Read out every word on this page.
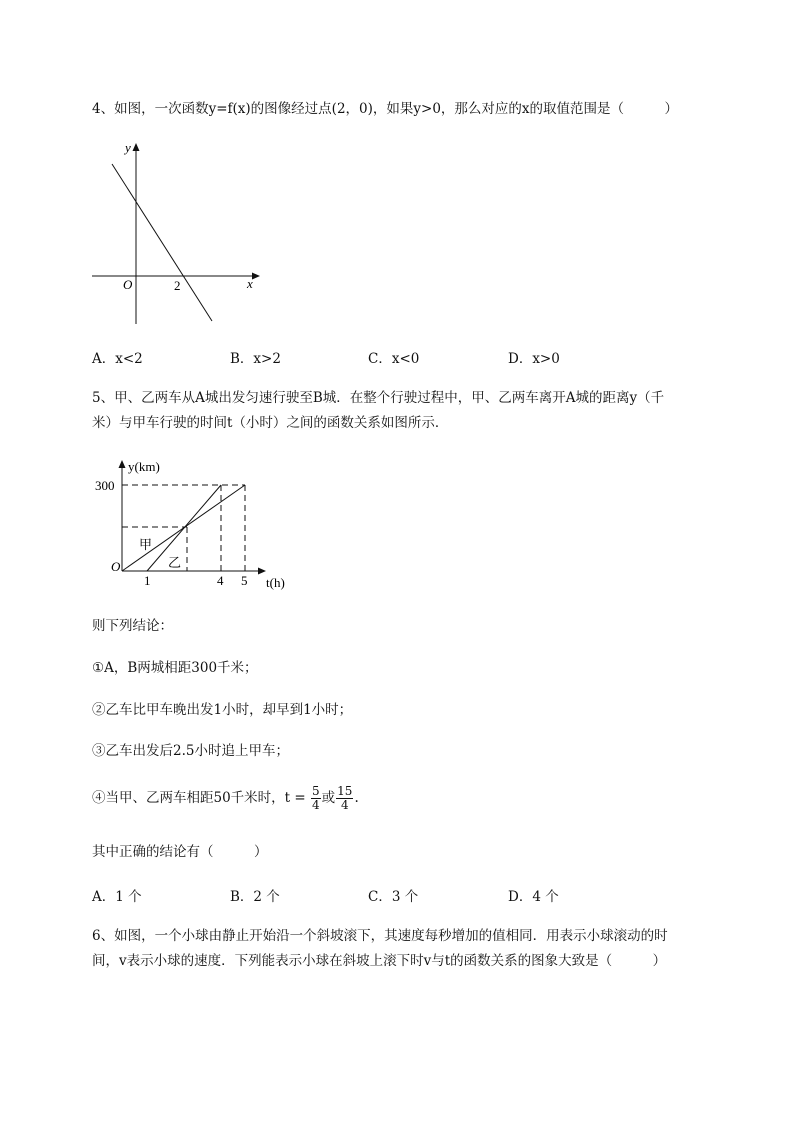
4、如图，一次函数y=f(x)的图像经过点(2，0)，如果y>0，那么对应的x的取值范围是（　　　）
y
x
O	2
A．x<2	B．x>2	C．x<0	D．x>0
5、甲、乙两车从A城出发匀速行驶至B城．在整个行驶过程中，甲、乙两车离开A城的距离y（千
米）与甲车行驶的时间t（小时）之间的函数关系如图所示．
y(km)
300
O
1	4 5 t(h)
甲
乙
则下列结论：
①A，B两城相距300千米；
②乙车比甲车晚出发1小时，却早到1小时；
③乙车出发后2.5小时追上甲车；
④当甲、乙两车相距50千米时，$t = \frac{5}{4}$ 或 $\frac{15}{4}$ .
其中正确的结论有（　　　）
A．1 个	B．2 个	C．3 个	D．4 个
6、如图，一个小球由静止开始沿一个斜坡滚下，其速度每秒增加的值相同．用表示小球滚动的时
间，v表示小球的速度．下列能表示小球在斜坡上滚下时v与t的函数关系的图象大致是（　　　）
